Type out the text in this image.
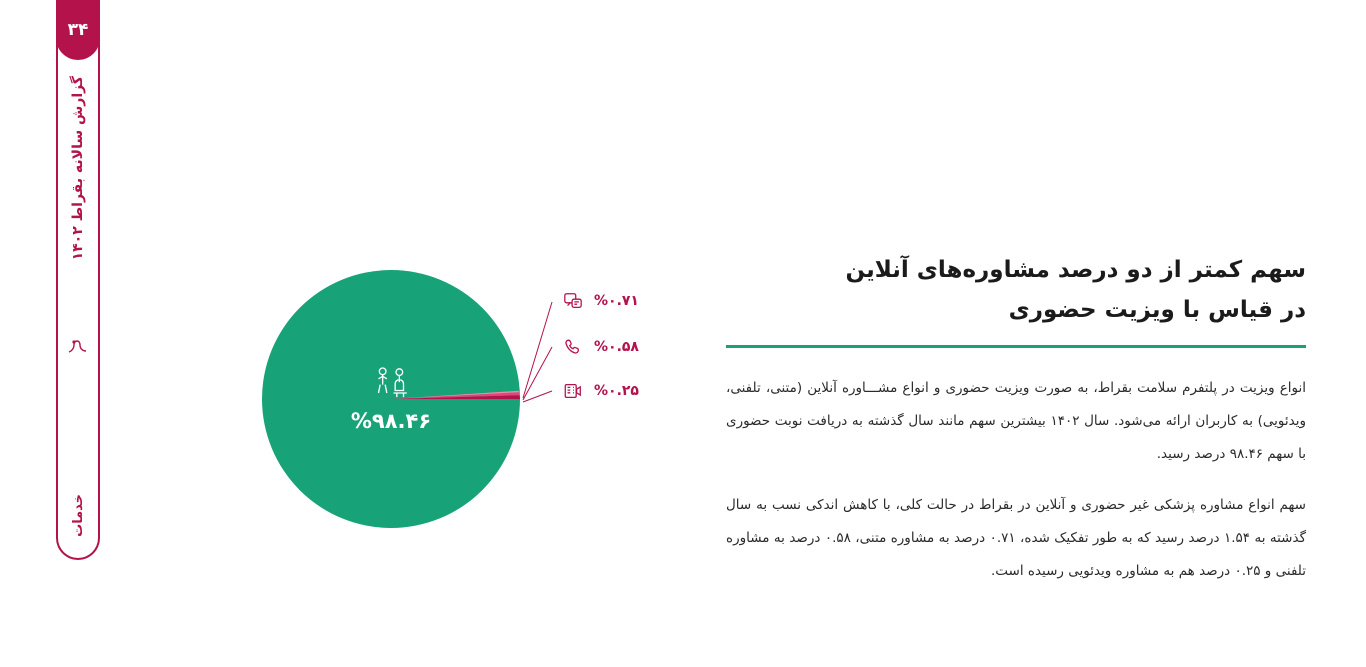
۳۴
گزارش سالانه بقراط ۱۴۰۲
خدمات
%۹۸.۴۶
%۰.۷۱
%۰.۵۸
%۰.۲۵
سهم کمتر از دو درصد مشاوره‌های آنلاین
در قیاس با ویزیت حضوری

انواع ویزیت در پلتفرم سلامت بقراط، به صورت ویزیت حضوری و انواع مشـــاوره آنلاین (متنی، تلفنی، ویدئویی) به کاربران ارائه می‌شود. سال ۱۴۰۲ بیشترین سهم مانند سال گذشته به دریافت نوبت حضوری با سهم ۹۸.۴۶ درصد رسید.

سهم انواع مشاوره پزشکی غیر حضوری و آنلاین در بقراط در حالت کلی، با کاهش اندکی نسب به سال گذشته به ۱.۵۴ درصد رسید که به طور تفکیک شده، ۰.۷۱ درصد به مشاوره متنی، ۰.۵۸ درصد به مشاوره تلفنی و ۰.۲۵ درصد هم به مشاوره ویدئویی رسیده است.
